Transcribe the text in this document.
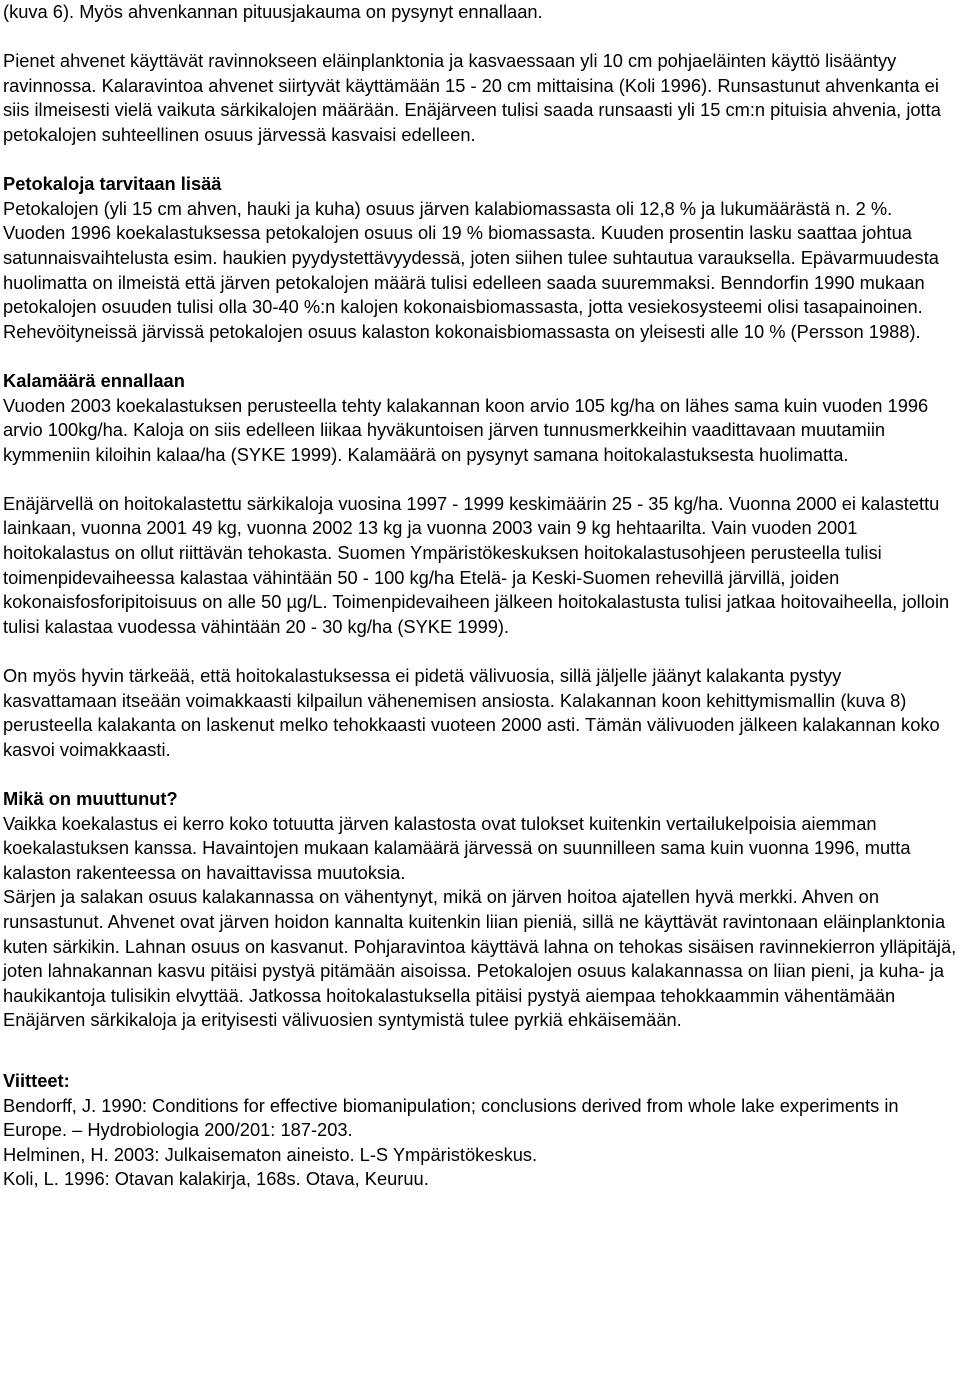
(kuva 6). Myös ahvenkannan pituusjakauma on pysynyt ennallaan.

Pienet ahvenet käyttävät ravinnokseen eläinplanktonia ja kasvaessaan yli 10 cm pohjaeläinten käyttö lisääntyy ravinnossa. Kalaravintoa ahvenet siirtyvät käyttämään 15 - 20 cm mittaisina (Koli 1996). Runsastunut ahvenkanta ei siis ilmeisesti vielä vaikuta särkikalojen määrään. Enäjärveen tulisi saada runsaasti yli 15 cm:n pituisia ahvenia, jotta petokalojen suhteellinen osuus järvessä kasvaisi edelleen.

Petokaloja tarvitaan lisää

Petokalojen (yli 15 cm ahven, hauki ja kuha) osuus järven kalabiomassasta oli 12,8 % ja lukumäärästä n. 2 %. Vuoden 1996 koekalastuksessa petokalojen osuus oli 19 % biomassasta. Kuuden prosentin lasku saattaa johtua satunnaisvaihtelusta esim. haukien pyydystettävyydessä, joten siihen tulee suhtautua varauksella. Epävarmuudesta huolimatta on ilmeistä että järven petokalojen määrä tulisi edelleen saada suuremmaksi. Benndorfin 1990 mukaan petokalojen osuuden tulisi olla 30-40 %:n kalojen kokonaisbiomassasta, jotta vesiekosysteemi olisi tasapainoinen. Rehevöityneissä järvissä petokalojen osuus kalaston kokonaisbiomassasta on yleisesti alle 10 % (Persson 1988).

Kalamäärä ennallaan

Vuoden 2003 koekalastuksen perusteella tehty kalakannan koon arvio 105 kg/ha on lähes sama kuin vuoden 1996 arvio 100kg/ha. Kaloja on siis edelleen liikaa hyväkuntoisen järven tunnusmerkkeihin vaadittavaan muutamiin kymmeniin kiloihin kalaa/ha (SYKE 1999). Kalamäärä on pysynyt samana hoitokalastuksesta huolimatta.

Enäjärvellä on hoitokalastettu särkikaloja vuosina 1997 - 1999 keskimäärin 25 - 35 kg/ha. Vuonna 2000 ei kalastettu lainkaan, vuonna 2001 49 kg, vuonna 2002 13 kg ja vuonna 2003 vain 9 kg hehtaarilta. Vain vuoden 2001 hoitokalastus on ollut riittävän tehokasta. Suomen Ympäristökeskuksen hoitokalastusohjeen perusteella tulisi toimenpidevaiheessa kalastaa vähintään 50 - 100 kg/ha Etelä- ja Keski-Suomen rehevillä järvillä, joiden kokonaisfosforipitoisuus on alle 50 µg/L. Toimenpidevaiheen jälkeen hoitokalastusta tulisi jatkaa hoitovaiheella, jolloin tulisi kalastaa vuodessa vähintään 20 - 30 kg/ha (SYKE 1999).

On myös hyvin tärkeää, että hoitokalastuksessa ei pidetä välivuosia, sillä jäljelle jäänyt kalakanta pystyy kasvattamaan itseään voimakkaasti kilpailun vähenemisen ansiosta. Kalakannan koon kehittymismallin (kuva 8) perusteella kalakanta on laskenut melko tehokkaasti vuoteen 2000 asti. Tämän välivuoden jälkeen kalakannan koko kasvoi voimakkaasti.

Mikä on muuttunut?

Vaikka koekalastus ei kerro koko totuutta järven kalastosta ovat tulokset kuitenkin vertailukelpoisia aiemman koekalastuksen kanssa. Havaintojen mukaan kalamäärä järvessä on suunnilleen sama kuin vuonna 1996, mutta kalaston rakenteessa on havaittavissa muutoksia.

Särjen ja salakan osuus kalakannassa on vähentynyt, mikä on järven hoitoa ajatellen hyvä merkki. Ahven on runsastunut. Ahvenet ovat järven hoidon kannalta kuitenkin liian pieniä, sillä ne käyttävät ravintonaan eläinplanktonia kuten särkikin. Lahnan osuus on kasvanut. Pohjaravintoa käyttävä lahna on tehokas sisäisen ravinnekierron ylläpitäjä, joten lahnakannan kasvu pitäisi pystyä pitämään aisoissa. Petokalojen osuus kalakannassa on liian pieni, ja kuha- ja haukikantoja tulisikin elvyttää. Jatkossa hoitokalastuksella pitäisi pystyä aiempaa tehokkaammin vähentämään Enäjärven särkikaloja ja erityisesti välivuosien syntymistä tulee pyrkiä ehkäisemään.

Viitteet:

Bendorff, J. 1990: Conditions for effective biomanipulation; conclusions derived from whole lake experiments in Europe. – Hydrobiologia 200/201: 187-203.

Helminen, H. 2003: Julkaisematon aineisto. L-S Ympäristökeskus.

Koli, L. 1996: Otavan kalakirja, 168s. Otava, Keuruu.
